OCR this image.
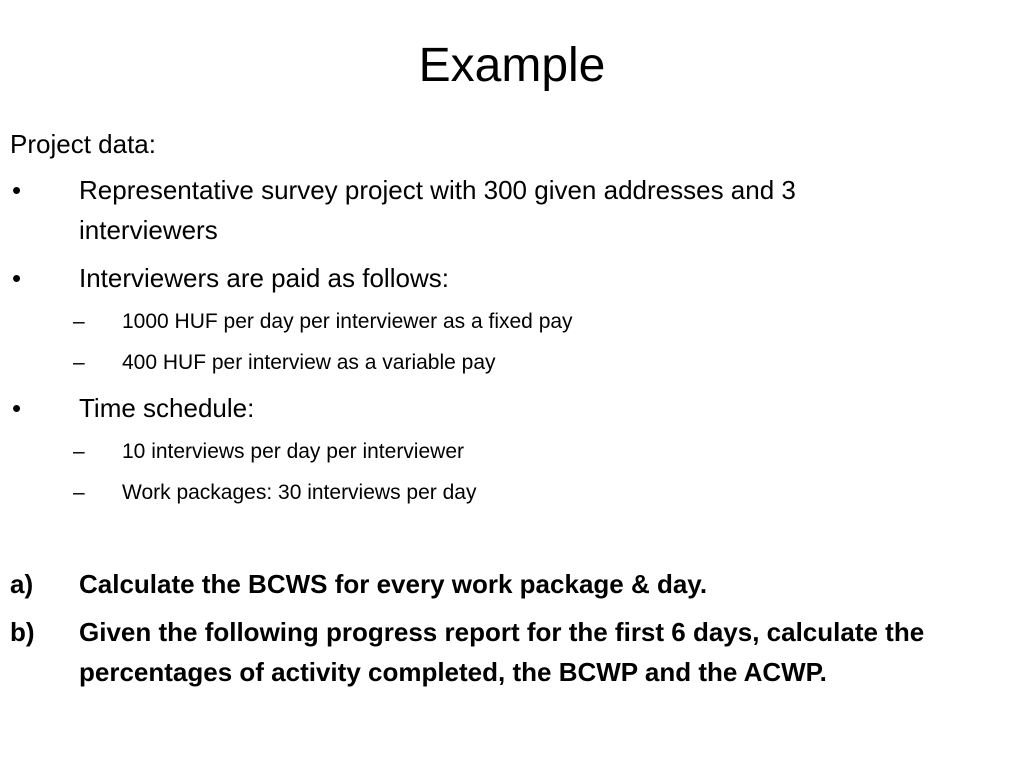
Example
Project data:
• Representative survey project with 300 given addresses and 3 interviewers
• Interviewers are paid as follows:
– 1000 HUF per day per interviewer as a fixed pay
– 400 HUF per interview as a variable pay
• Time schedule:
– 10 interviews per day per interviewer
– Work packages: 30 interviews per day
a) Calculate the BCWS for every work package & day.
b) Given the following progress report for the first 6 days, calculate the percentages of activity completed, the BCWP and the ACWP.
